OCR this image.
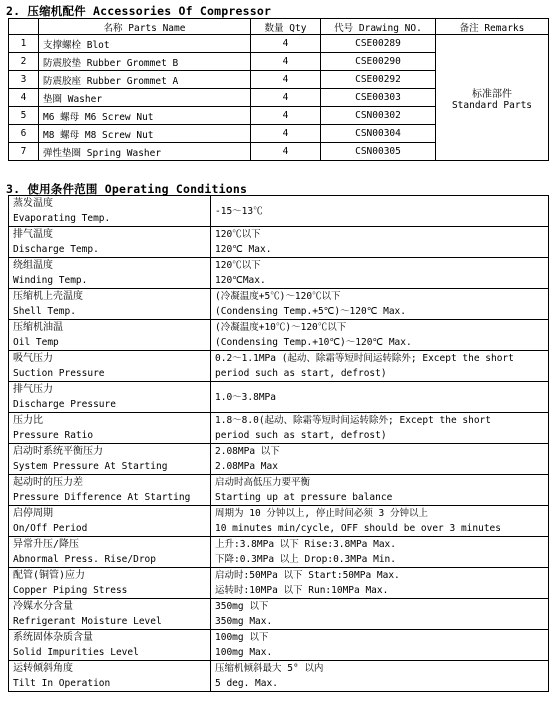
2. 压缩机配件 Accessories Of Compressor
	名称 Parts Name	数量 Qty	代号 Drawing NO.	备注 Remarks
1	支撑螺栓 Blot	4	CSE00289	标准部件
Standard Parts

2	防震胶垫 Rubber Grommet B	4	CSE00290	
3	防震胶座 Rubber Grommet A	4	CSE00292	
4	垫圈 Washer	4	CSE00303	
5	M6 螺母 M6 Screw Nut	4	CSN00302	
6	M8 螺母 M8 Screw Nut	4	CSN00304	
7	弹性垫圈 Spring Washer	4	CSN00305	
3. 使用条件范围 Operating Conditions
蒸发温度
Evaporating Temp.	-15～13℃

排气温度
Discharge Temp.	120℃以下
120℃ Max.

绕组温度
Winding Temp.	120℃以下
120℃Max.

压缩机上壳温度
Shell Temp.	(冷凝温度+5℃)～120℃以下
(Condensing Temp.+5℃)～120℃ Max.

压缩机油温
Oil Temp	(冷凝温度+10℃)～120℃以下
(Condensing Temp.+10℃)～120℃ Max.

吸气压力
Suction Pressure	0.2～1.1MPa (起动、除霜等短时间运转除外; Except the short
period such as start, defrost)

排气压力
Discharge Pressure	1.0～3.8MPa

压力比
Pressure Ratio	1.8～8.0(起动、除霜等短时间运转除外; Except the short
period such as start, defrost)

启动时系统平衡压力
System Pressure At Starting	2.08MPa 以下
2.08MPa Max

起动时的压力差
Pressure Difference At Starting	启动时高低压力要平衡
Starting up at pressure balance

启停周期
On/Off Period	周期为 10 分钟以上, 停止时间必须 3 分钟以上
10 minutes min/cycle, OFF should be over 3 minutes

异常升压/降压
Abnormal Press. Rise/Drop	上升:3.8MPa 以下 Rise:3.8MPa Max.
下降:0.3MPa 以上 Drop:0.3MPa Min.

配管(铜管)应力
Copper Piping Stress	启动时:50MPa 以下 Start:50MPa Max.
运转时:10MPa 以下 Run:10MPa Max.

冷媒水分含量
Refrigerant Moisture Level	350mg 以下
350mg Max.

系统固体杂质含量
Solid Impurities Level	100mg 以下
100mg Max.

运转倾斜角度
Tilt In Operation	压缩机倾斜最大 5° 以内
5 deg. Max.
